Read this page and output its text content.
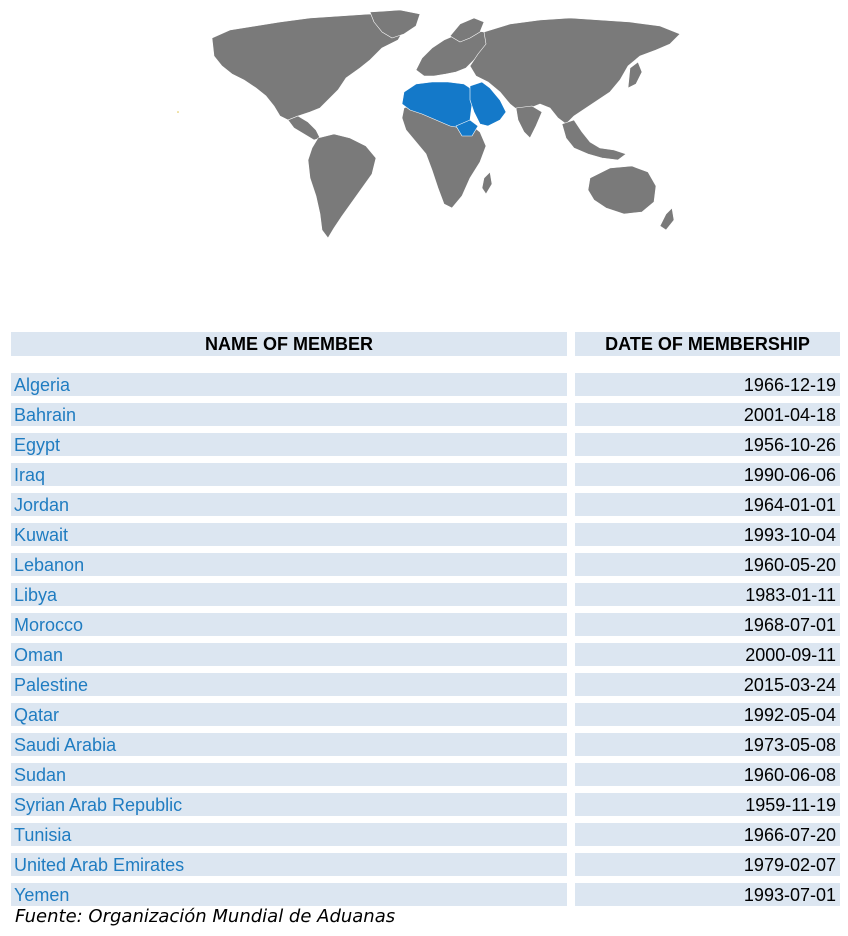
NAME OF MEMBER	DATE OF MEMBERSHIP
Algeria	1966-12-19
Bahrain	2001-04-18
Egypt	1956-10-26
Iraq	1990-06-06
Jordan	1964-01-01
Kuwait	1993-10-04
Lebanon	1960-05-20
Libya	1983-01-11
Morocco	1968-07-01
Oman	2000-09-11
Palestine	2015-03-24
Qatar	1992-05-04
Saudi Arabia	1973-05-08
Sudan	1960-06-08
Syrian Arab Republic	1959-11-19
Tunisia	1966-07-20
United Arab Emirates	1979-02-07
Yemen	1993-07-01
Fuente: Organización Mundial de Aduanas
